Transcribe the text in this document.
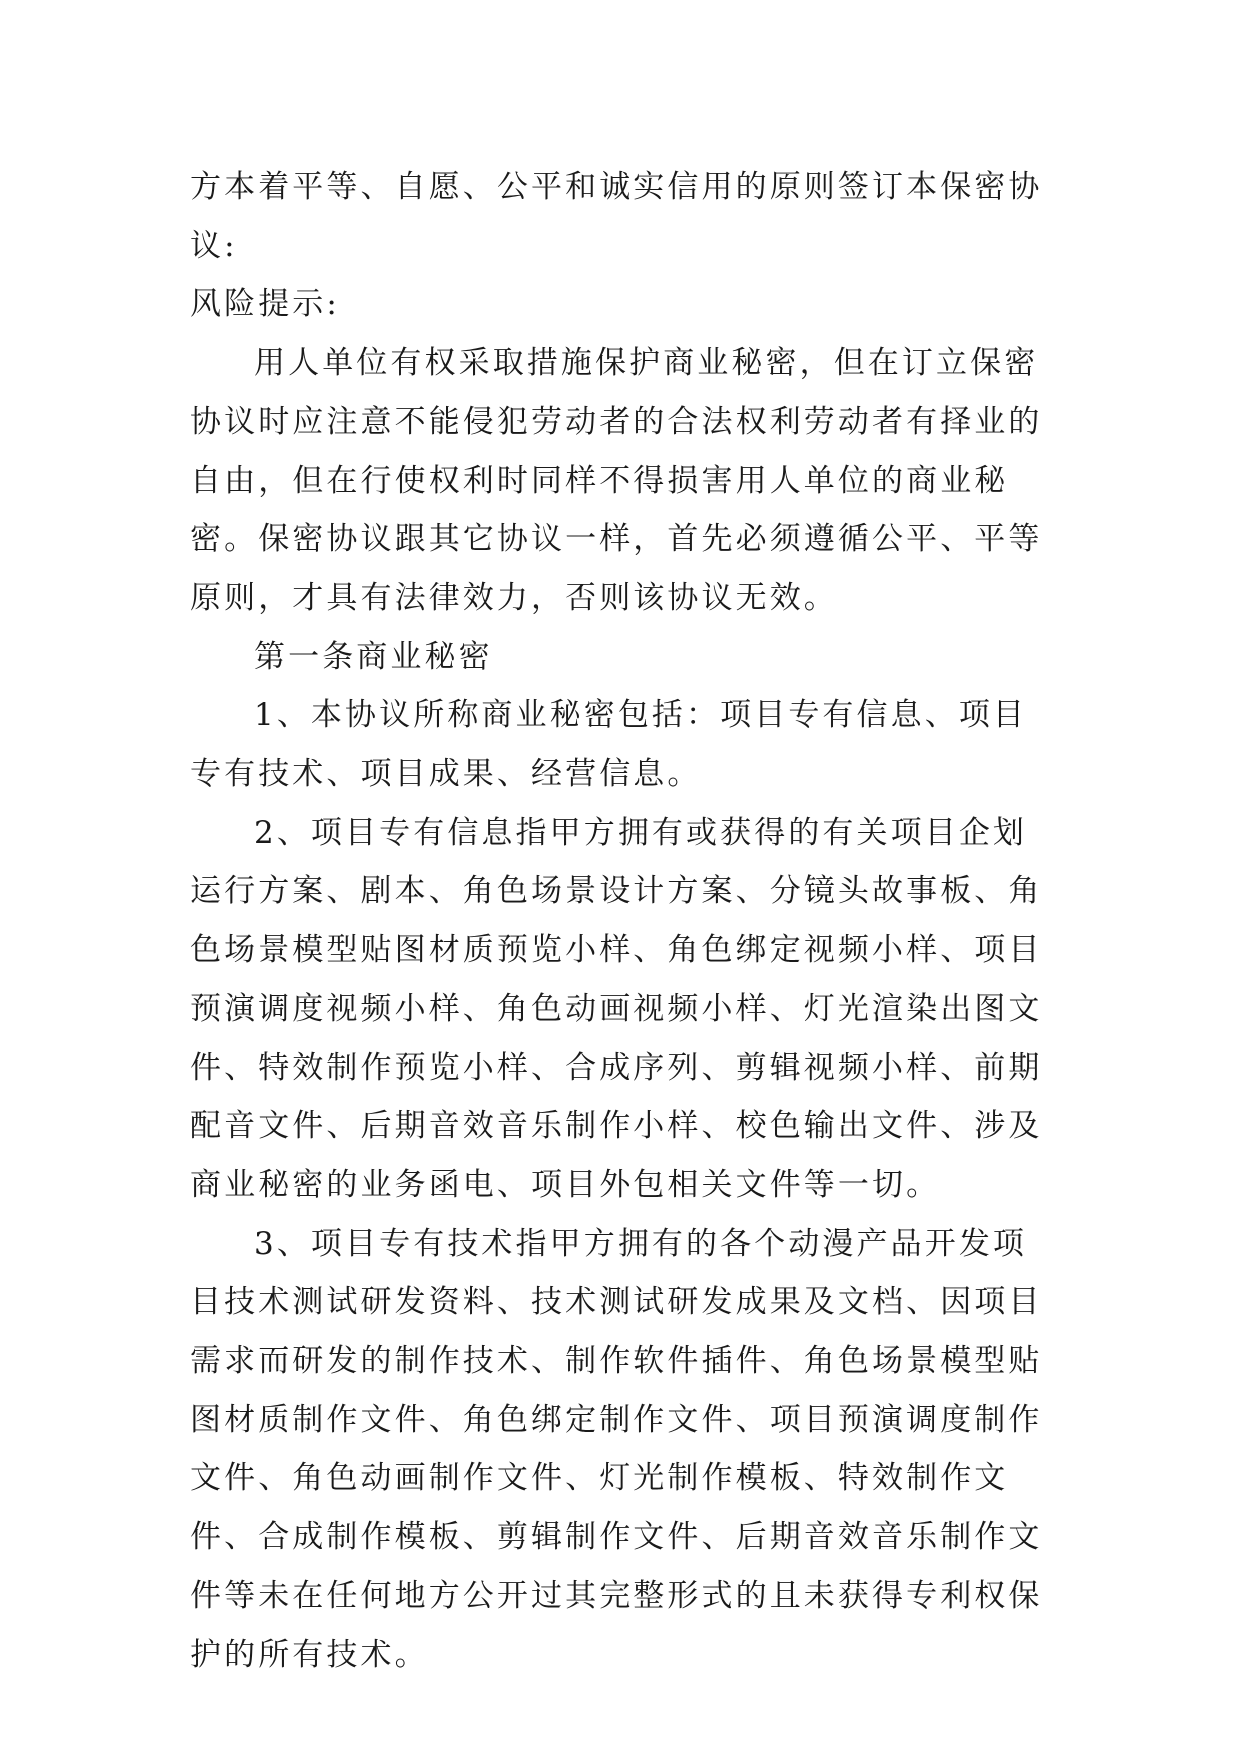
方本着平等、自愿、公平和诚实信用的原则签订本保密协议:

风险提示:

用人单位有权采取措施保护商业秘密，但在订立保密协议时应注意不能侵犯劳动者的合法权利劳动者有择业的自由，但在行使权利时同样不得损害用人单位的商业秘密。保密协议跟其它协议一样，首先必须遵循公平、平等原则，才具有法律效力，否则该协议无效。

第一条商业秘密

1、本协议所称商业秘密包括：项目专有信息、项目专有技术、项目成果、经营信息。

2、项目专有信息指甲方拥有或获得的有关项目企划运行方案、剧本、角色场景设计方案、分镜头故事板、角色场景模型贴图材质预览小样、角色绑定视频小样、项目预演调度视频小样、角色动画视频小样、灯光渲染出图文件、特效制作预览小样、合成序列、剪辑视频小样、前期配音文件、后期音效音乐制作小样、校色输出文件、涉及商业秘密的业务函电、项目外包相关文件等一切。

3、项目专有技术指甲方拥有的各个动漫产品开发项目技术测试研发资料、技术测试研发成果及文档、因项目需求而研发的制作技术、制作软件插件、角色场景模型贴图材质制作文件、角色绑定制作文件、项目预演调度制作文件、角色动画制作文件、灯光制作模板、特效制作文件、合成制作模板、剪辑制作文件、后期音效音乐制作文件等未在任何地方公开过其完整形式的且未获得专利权保护的所有技术。
